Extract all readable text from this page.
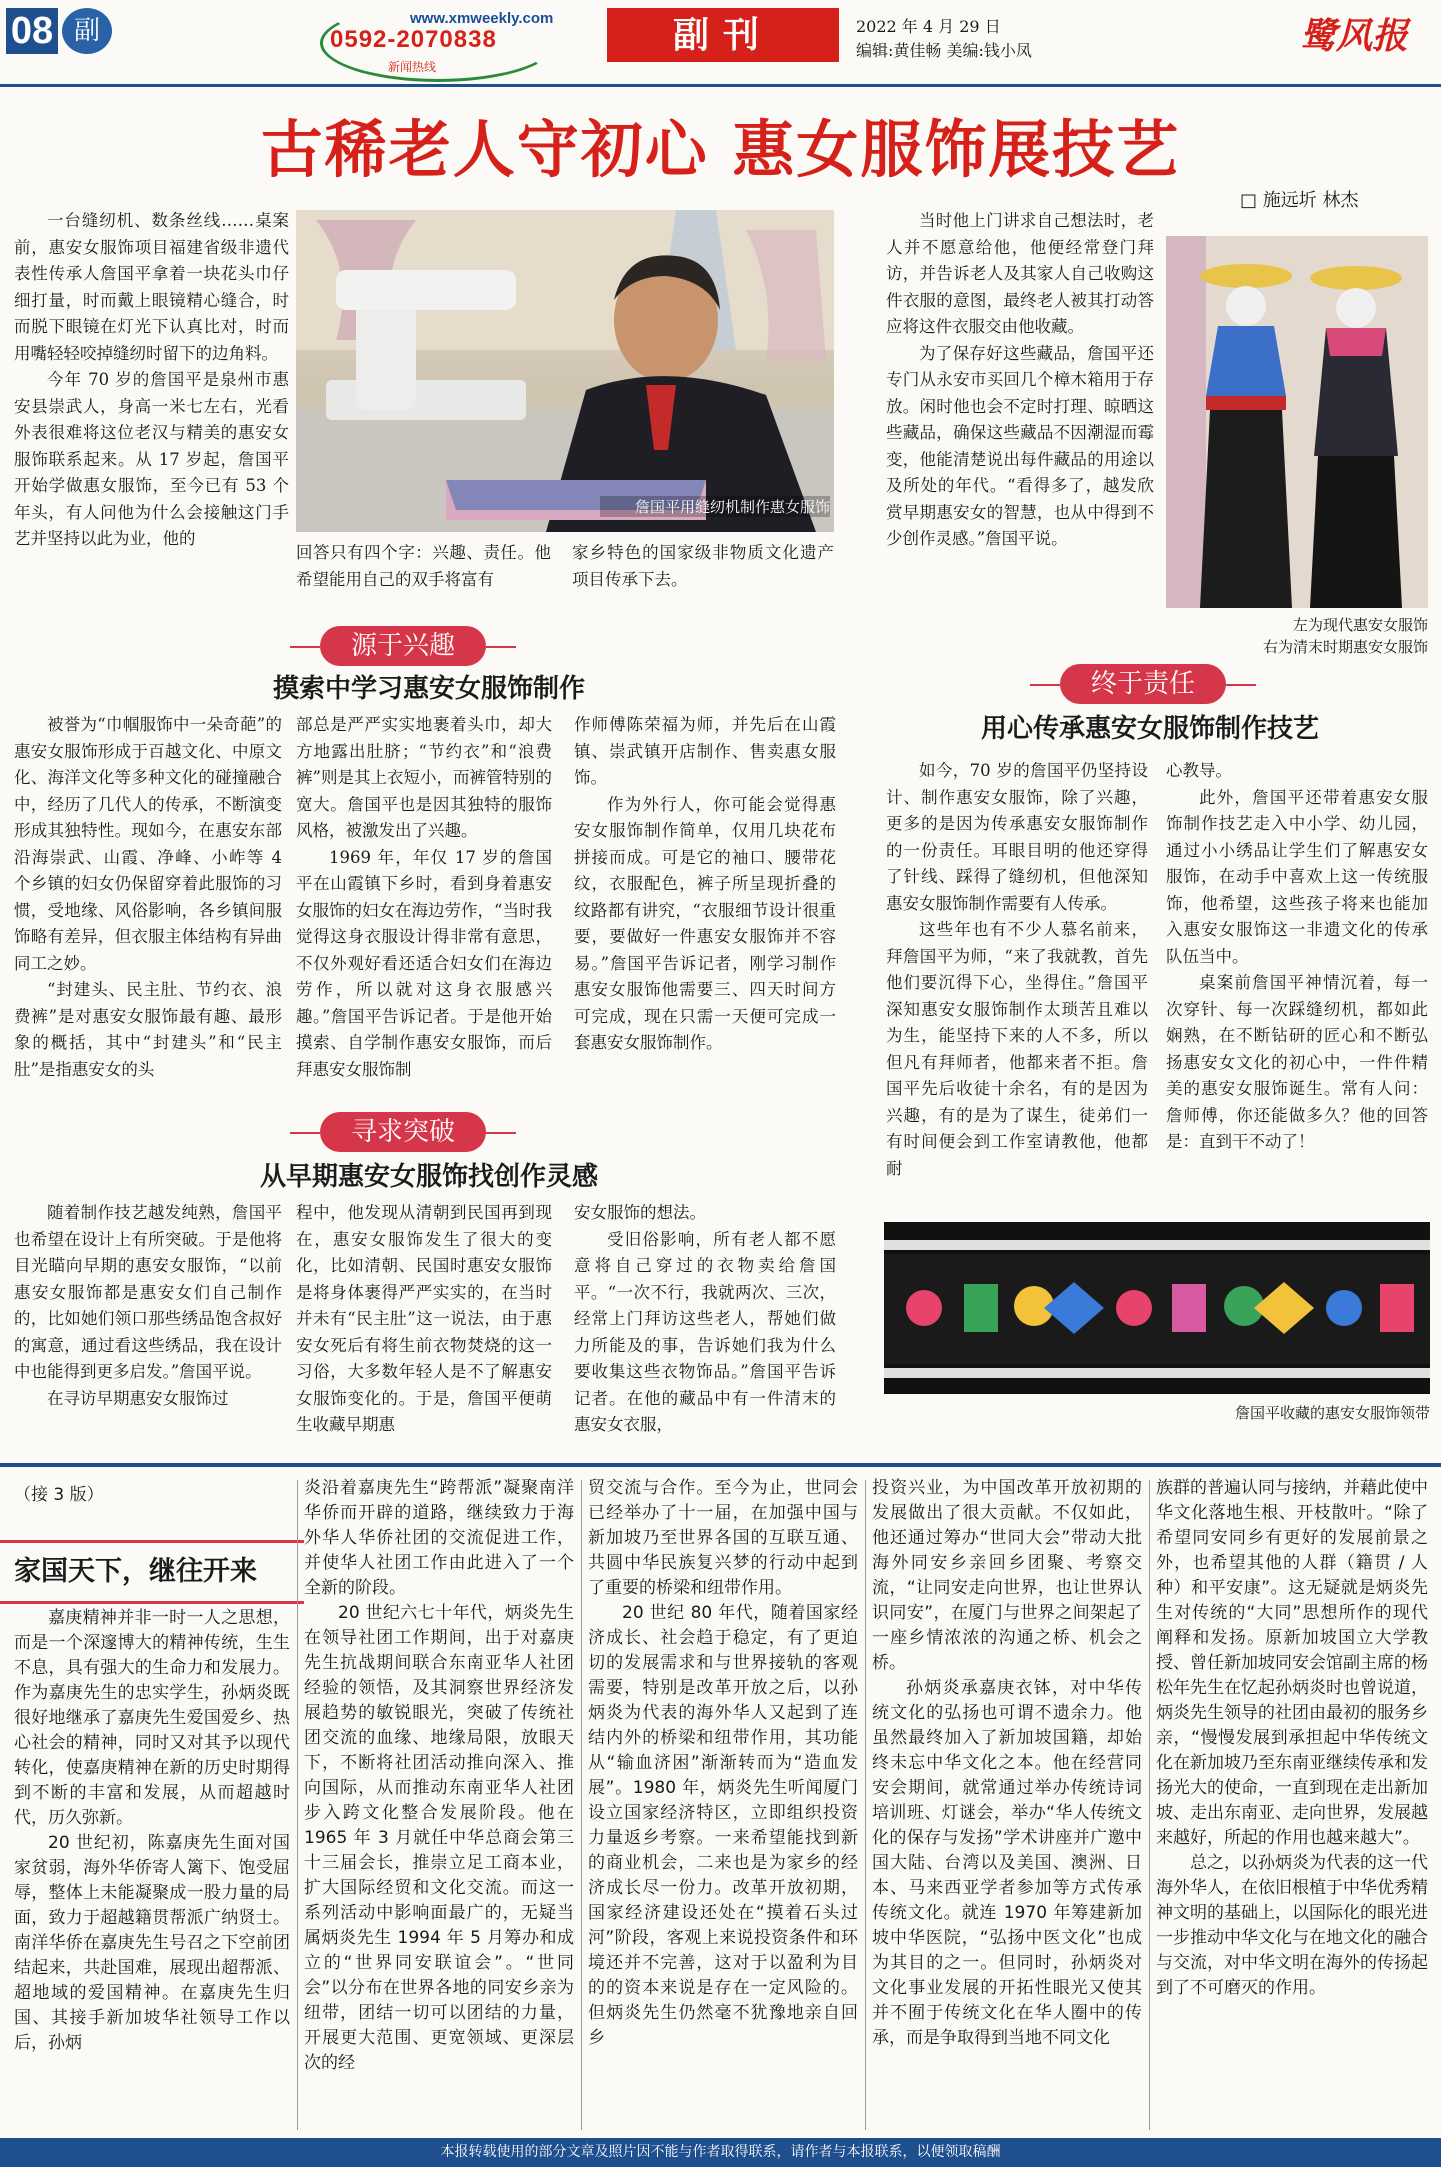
08 副	www.xmweekly.com
0592-2070838
新闻热线
副刊	2022 年 4 月 29 日
编辑:黄佳畅 美编:钱小凤	鹭风报
古稀老人守初心 惠女服饰展技艺
□ 施远圻 林杰

一台缝纫机、数条丝线……桌案前，惠安女服饰项目福建省级非遗代表性传承人詹国平拿着一块花头巾仔细打量，时而戴上眼镜精心缝合，时而脱下眼镜在灯光下认真比对，时而用嘴轻轻咬掉缝纫时留下的边角料。

今年 70 岁的詹国平是泉州市惠安县崇武人，身高一米七左右，光看外表很难将这位老汉与精美的惠安女服饰联系起来。从 17 岁起，詹国平开始学做惠女服饰，至今已有 53 个年头，有人问他为什么会接触这门手艺并坚持以此为业，他的

詹国平用缝纫机制作惠女服饰

回答只有四个字：兴趣、责任。他希望能用自己的双手将富有

家乡特色的国家级非物质文化遗产项目传承下去。

当时他上门讲求自己想法时，老人并不愿意给他，他便经常登门拜访，并告诉老人及其家人自己收购这件衣服的意图，最终老人被其打动答应将这件衣服交由他收藏。

为了保存好这些藏品，詹国平还专门从永安市买回几个樟木箱用于存放。闲时他也会不定时打理、晾晒这些藏品，确保这些藏品不因潮湿而霉变，他能清楚说出每件藏品的用途以及所处的年代。“看得多了，越发欣赏早期惠安女的智慧，也从中得到不少创作灵感。”詹国平说。

左为现代惠安女服饰
右为清末时期惠安女服饰
源于兴趣
摸索中学习惠安女服饰制作

被誉为“巾帼服饰中一朵奇葩”的惠安女服饰形成于百越文化、中原文化、海洋文化等多种文化的碰撞融合中，经历了几代人的传承，不断演变形成其独特性。现如今，在惠安东部沿海崇武、山霞、净峰、小岞等 4 个乡镇的妇女仍保留穿着此服饰的习惯，受地缘、风俗影响，各乡镇间服饰略有差异，但衣服主体结构有异曲同工之妙。

“封建头、民主肚、节约衣、浪费裤”是对惠安女服饰最有趣、最形象的概括，其中“封建头”和“民主肚”是指惠安女的头

部总是严严实实地裹着头巾，却大方地露出肚脐；“节约衣”和“浪费裤”则是其上衣短小，而裤管特别的宽大。詹国平也是因其独特的服饰风格，被激发出了兴趣。

1969 年，年仅 17 岁的詹国平在山霞镇下乡时，看到身着惠安女服饰的妇女在海边劳作，“当时我觉得这身衣服设计得非常有意思，不仅外观好看还适合妇女们在海边劳作，所以就对这身衣服感兴趣。”詹国平告诉记者。于是他开始摸索、自学制作惠安女服饰，而后拜惠安女服饰制

作师傅陈荣福为师，并先后在山霞镇、崇武镇开店制作、售卖惠女服饰。

作为外行人，你可能会觉得惠安女服饰制作简单，仅用几块花布拼接而成。可是它的袖口、腰带花纹，衣服配色，裤子所呈现折叠的纹路都有讲究，“衣服细节设计很重要，要做好一件惠安女服饰并不容易。”詹国平告诉记者，刚学习制作惠安女服饰他需要三、四天时间方可完成，现在只需一天便可完成一套惠安女服饰制作。

寻求突破
从早期惠安女服饰找创作灵感

随着制作技艺越发纯熟，詹国平也希望在设计上有所突破。于是他将目光瞄向早期的惠安女服饰，“以前惠安女服饰都是惠安女们自己制作的，比如她们领口那些绣品饱含叔好的寓意，通过看这些绣品，我在设计中也能得到更多启发。”詹国平说。

在寻访早期惠安女服饰过

程中，他发现从清朝到民国再到现在，惠安女服饰发生了很大的变化，比如清朝、民国时惠安女服饰是将身体裹得严严实实的，在当时并未有“民主肚”这一说法，由于惠安女死后有将生前衣物焚烧的这一习俗，大多数年轻人是不了解惠安女服饰变化的。于是，詹国平便萌生收藏早期惠

安女服饰的想法。

受旧俗影响，所有老人都不愿意将自己穿过的衣物卖给詹国平。“一次不行，我就两次、三次，经常上门拜访这些老人，帮她们做力所能及的事，告诉她们我为什么要收集这些衣物饰品。”詹国平告诉记者。在他的藏品中有一件清末的惠安女衣服，

终于责任
用心传承惠安女服饰制作技艺

如今，70 岁的詹国平仍坚持设计、制作惠安女服饰，除了兴趣，更多的是因为传承惠安女服饰制作的一份责任。耳眼目明的他还穿得了针线、踩得了缝纫机，但他深知惠安女服饰制作需要有人传承。

这些年也有不少人慕名前来，拜詹国平为师，“来了我就教，首先他们要沉得下心，坐得住。”詹国平深知惠安女服饰制作太琐苦且难以为生，能坚持下来的人不多，所以但凡有拜师者，他都来者不拒。詹国平先后收徒十余名，有的是因为兴趣，有的是为了谋生，徒弟们一有时间便会到工作室请教他，他都耐

心教导。

此外，詹国平还带着惠安女服饰制作技艺走入中小学、幼儿园，通过小小绣品让学生们了解惠安女服饰，在动手中喜欢上这一传统服饰，他希望，这些孩子将来也能加入惠安女服饰这一非遗文化的传承队伍当中。

桌案前詹国平神情沉着，每一次穿针、每一次踩缝纫机，都如此娴熟，在不断钻研的匠心和不断弘扬惠安女文化的初心中，一件件精美的惠安女服饰诞生。常有人问：詹师傅，你还能做多久？他的回答是：直到干不动了！

詹国平收藏的惠安女服饰领带
（接 3 版）
家国天下，继往开来

嘉庚精神并非一时一人之思想，而是一个深邃博大的精神传统，生生不息，具有强大的生命力和发展力。作为嘉庚先生的忠实学生，孙炳炎既很好地继承了嘉庚先生爱国爱乡、热心社会的精神，同时又对其予以现代转化，使嘉庚精神在新的历史时期得到不断的丰富和发展，从而超越时代，历久弥新。

20 世纪初，陈嘉庚先生面对国家贫弱，海外华侨寄人篱下、饱受屈辱，整体上未能凝聚成一股力量的局面，致力于超越籍贯帮派广纳贤士。南洋华侨在嘉庚先生号召之下空前团结起来，共赴国难，展现出超帮派、超地域的爱国精神。在嘉庚先生归国、其接手新加坡华社领导工作以后，孙炳

炎沿着嘉庚先生“跨帮派”凝聚南洋华侨而开辟的道路，继续致力于海外华人华侨社团的交流促进工作，并使华人社团工作由此进入了一个全新的阶段。

20 世纪六七十年代，炳炎先生在领导社团工作期间，出于对嘉庚先生抗战期间联合东南亚华人社团经验的领悟，及其洞察世界经济发展趋势的敏锐眼光，突破了传统社团交流的血缘、地缘局限，放眼天下，不断将社团活动推向深入、推向国际，从而推动东南亚华人社团步入跨文化整合发展阶段。他在 1965 年 3 月就任中华总商会第三十三届会长，推崇立足工商本业，扩大国际经贸和文化交流。而这一系列活动中影响面最广的，无疑当属炳炎先生 1994 年 5 月筹办和成立的“世界同安联谊会”。“世同会”以分布在世界各地的同安乡亲为纽带，团结一切可以团结的力量，开展更大范围、更宽领域、更深层次的经

贸交流与合作。至今为止，世同会已经举办了十一届，在加强中国与新加坡乃至世界各国的互联互通、共圆中华民族复兴梦的行动中起到了重要的桥梁和纽带作用。

20 世纪 80 年代，随着国家经济成长、社会趋于稳定，有了更迫切的发展需求和与世界接轨的客观需要，特别是改革开放之后，以孙炳炎为代表的海外华人又起到了连结内外的桥梁和纽带作用，其功能从“输血济困”渐渐转而为“造血发展”。1980 年，炳炎先生听闻厦门设立国家经济特区，立即组织投资力量返乡考察。一来希望能找到新的商业机会，二来也是为家乡的经济成长尽一份力。改革开放初期，国家经济建设还处在“摸着石头过河”阶段，客观上来说投资条件和环境还并不完善，这对于以盈利为目的的资本来说是存在一定风险的。但炳炎先生仍然毫不犹豫地亲自回乡

投资兴业，为中国改革开放初期的发展做出了很大贡献。不仅如此，他还通过筹办“世同大会”带动大批海外同安乡亲回乡团聚、考察交流，“让同安走向世界，也让世界认识同安”，在厦门与世界之间架起了一座乡情浓浓的沟通之桥、机会之桥。

孙炳炎承嘉庚衣钵，对中华传统文化的弘扬也可谓不遗余力。他虽然最终加入了新加坡国籍，却始终未忘中华文化之本。他在经营同安会期间，就常通过举办传统诗词培训班、灯谜会，举办“华人传统文化的保存与发扬”学术讲座并广邀中国大陆、台湾以及美国、澳洲、日本、马来西亚学者参加等方式传承传统文化。就连 1970 年筹建新加坡中华医院，“弘扬中医文化”也成为其目的之一。但同时，孙炳炎对文化事业发展的开拓性眼光又使其并不囿于传统文化在华人圈中的传承，而是争取得到当地不同文化

族群的普遍认同与接纳，并藉此使中华文化落地生根、开枝散叶。“除了希望同安同乡有更好的发展前景之外，也希望其他的人群（籍贯 / 人种）和平安康”。这无疑就是炳炎先生对传统的“大同”思想所作的现代阐释和发扬。原新加坡国立大学教授、曾任新加坡同安会馆副主席的杨松年先生在忆起孙炳炎时也曾说道，炳炎先生领导的社团由最初的服务乡亲，“慢慢发展到承担起中华传统文化在新加坡乃至东南亚继续传承和发扬光大的使命，一直到现在走出新加坡、走出东南亚、走向世界，发展越来越好，所起的作用也越来越大”。

总之，以孙炳炎为代表的这一代海外华人，在依旧根植于中华优秀精神文明的基础上，以国际化的眼光进一步推动中华文化与在地文化的融合与交流，对中华文明在海外的传扬起到了不可磨灭的作用。

本报转载使用的部分文章及照片因不能与作者取得联系，请作者与本报联系，以便领取稿酬
